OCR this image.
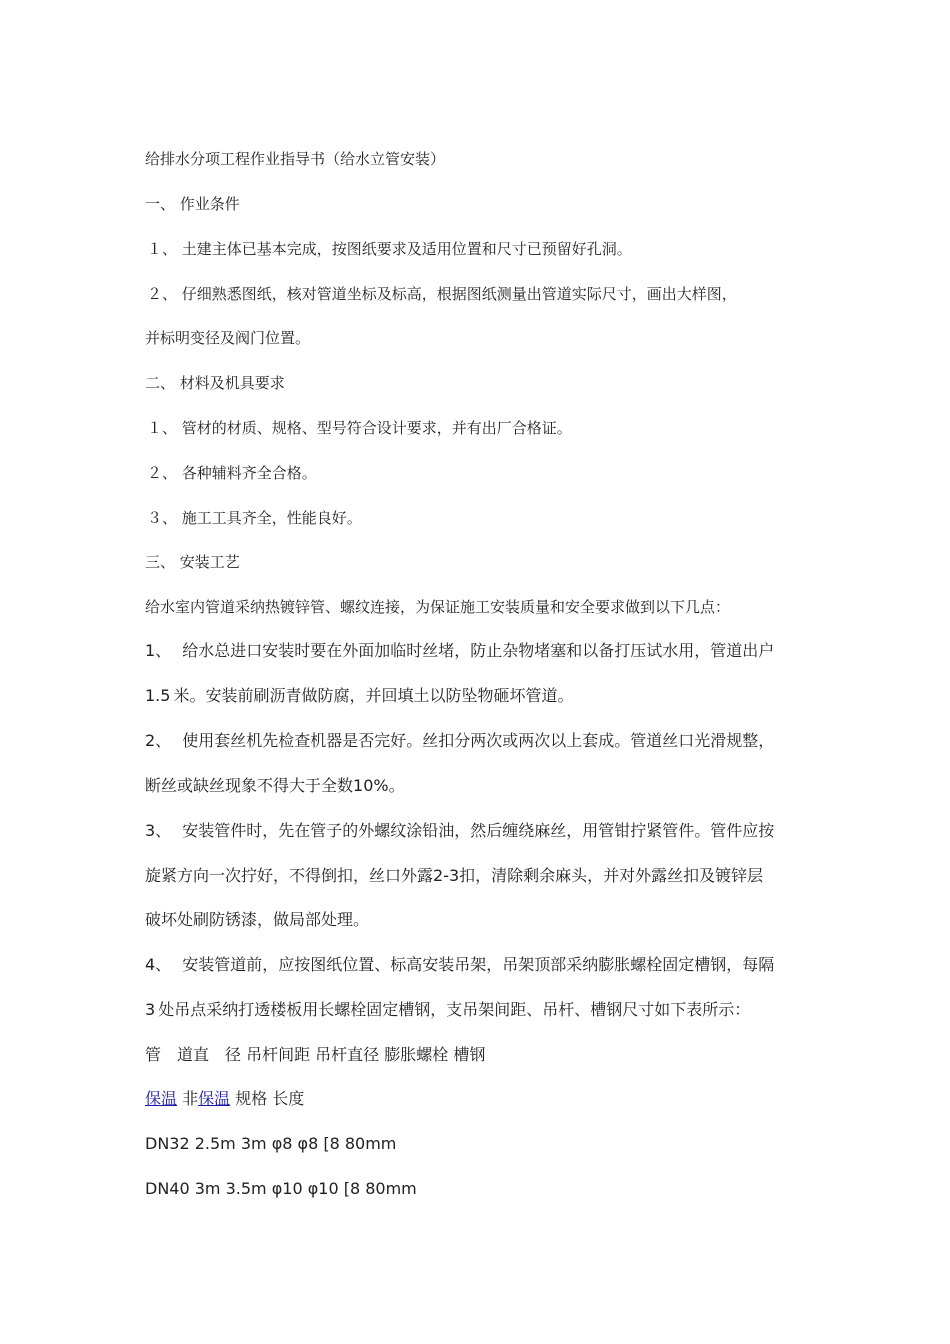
给排水分项工程作业指导书（给水立管安装）
一、 作业条件
１、 土建主体已基本完成，按图纸要求及适用位置和尺寸已预留好孔洞。
２、 仔细熟悉图纸，核对管道坐标及标高，根据图纸测量出管道实际尺寸，画出大样图，
并标明变径及阀门位置。
二、 材料及机具要求
１、 管材的材质、规格、型号符合设计要求，并有出厂合格证。
２、 各种辅料齐全合格。
３、 施工工具齐全，性能良好。
三、 安装工艺
给水室内管道采纳热镀锌管、螺纹连接，为保证施工安装质量和安全要求做到以下几点：
1、 给水总进口安装时要在外面加临时丝堵，防止杂物堵塞和以备打压试水用，管道出户
1.5 米。安装前刷沥青做防腐，并回填土以防坠物砸坏管道。
2、 使用套丝机先检查机器是否完好。丝扣分两次或两次以上套成。管道丝口光滑规整，
断丝或缺丝现象不得大于全数10%。
3、 安装管件时，先在管子的外螺纹涂铅油，然后缠绕麻丝，用管钳拧紧管件。管件应按
旋紧方向一次拧好，不得倒扣，丝口外露2-3扣，清除剩余麻头，并对外露丝扣及镀锌层
破坏处刷防锈漆，做局部处理。
4、 安装管道前，应按图纸位置、标高安装吊架，吊架顶部采纳膨胀螺栓固定槽钢，每隔
3 处吊点采纳打透楼板用长螺栓固定槽钢，支吊架间距、吊杆、槽钢尺寸如下表所示：
管　道直　径 吊杆间距 吊杆直径 膨胀螺栓 槽钢
保温 非保温 规格 长度
DN32 2.5m 3m φ8 φ8 [8 80mm
DN40 3m 3.5m φ10 φ10 [8 80mm
